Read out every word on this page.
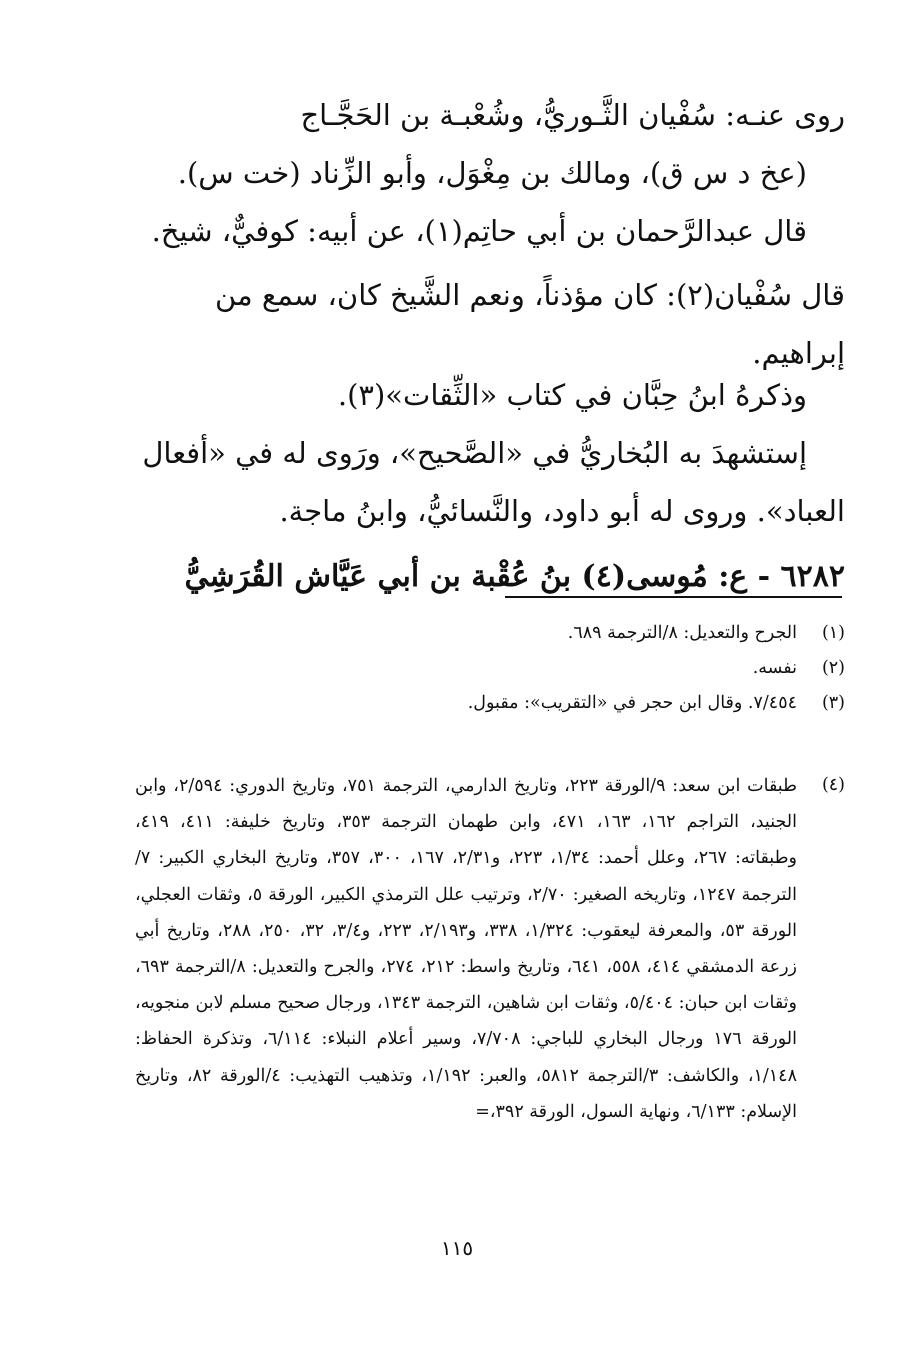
روى عنـه: سُفْيان الثَّـوريُّ، وشُعْبـة بن الحَجَّـاج

(عخ د س ق)، ومالك بن مِغْوَل، وأبو الزِّناد (خت س).

قال عبدالرَّحمان بن أبي حاتِم(١)، عن أبيه: كوفيٌّ، شيخ.

قال سُفْيان(٢): كان مؤذناً، ونعم الشَّيخ كان، سمع من

إبراهيم.

وذكرهُ ابنُ حِبَّان في كتاب «الثِّقات»(٣).

إستشهدَ به البُخاريُّ في «الصَّحيح»، ورَوى له في «أفعال

العباد». وروى له أبو داود، والنَّسائيُّ، وابنُ ماجة.

٦٢٨٢ - ع: مُوسى(٤) بنُ عُقْبة بن أبي عَيَّاش القُرَشِيُّ

(١)
الجرح والتعديل: ٨/الترجمة ٦٨٩.
(٢)
نفسه.
(٣)
٧/٤٥٤. وقال ابن حجر في «التقريب»: مقبول.
(٤)
طبقات ابن سعد: ٩/الورقة ٢٢٣، وتاريخ الدارمي، الترجمة ٧٥١، وتاريخ الدوري: ٢/٥٩٤، وابن الجنيد، التراجم ١٦٢، ١٦٣، ٤٧١، وابن طهمان الترجمة ٣٥٣، وتاريخ خليفة: ٤١١، ٤١٩، وطبقاته: ٢٦٧، وعلل أحمد: ١/٣٤، ٢٢٣، و٢/٣١، ١٦٧، ٣٠٠، ٣٥٧، وتاريخ البخاري الكبير: ٧/الترجمة ١٢٤٧، وتاريخه الصغير: ٢/٧٠، وترتيب علل الترمذي الكبير، الورقة ٥، وثقات العجلي، الورقة ٥٣، والمعرفة ليعقوب: ١/٣٢٤، ٣٣٨، و٢/١٩٣، ٢٢٣، و٣/٤، ٣٢، ٢٥٠، ٢٨٨، وتاريخ أبي زرعة الدمشقي ٤١٤، ٥٥٨، ٦٤١، وتاريخ واسط: ٢١٢، ٢٧٤، والجرح والتعديل: ٨/الترجمة ٦٩٣، وثقات ابن حبان: ٥/٤٠٤، وثقات ابن شاهين، الترجمة ١٣٤٣، ورجال صحيح مسلم لابن منجويه، الورقة ١٧٦ ورجال البخاري للباجي: ٧/٧٠٨، وسير أعلام النبلاء: ٦/١١٤، وتذكرة الحفاظ: ١/١٤٨، والكاشف: ٣/الترجمة ٥٨١٢، والعبر: ١/١٩٢، وتذهيب التهذيب: ٤/الورقة ٨٢، وتاريخ الإسلام: ٦/١٣٣، ونهاية السول، الورقة ٣٩٢،=
١١٥
